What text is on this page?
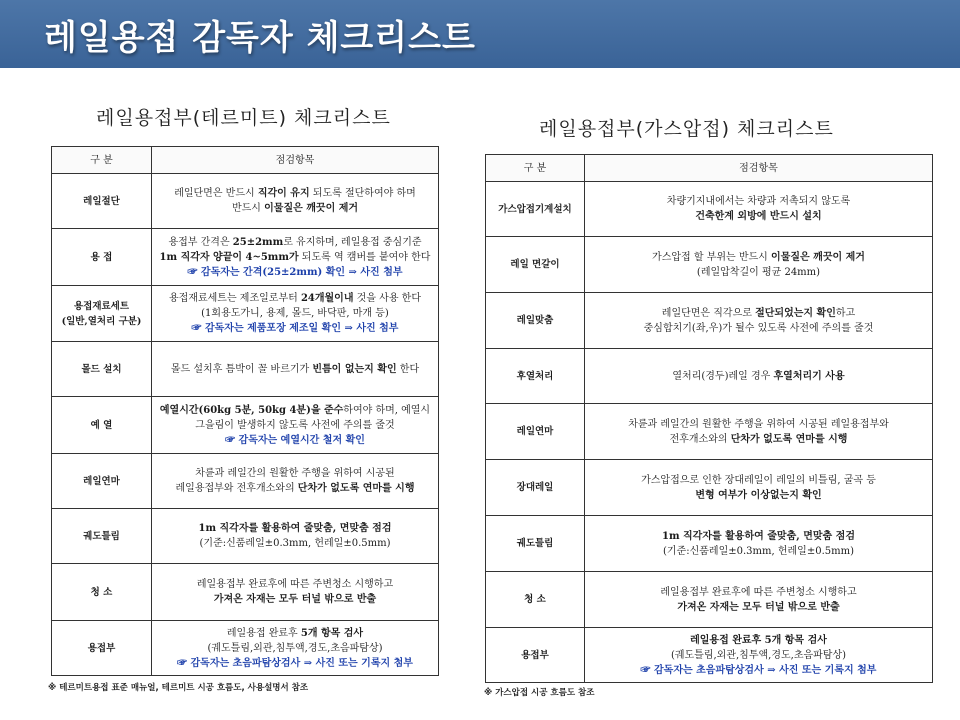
레일용접 감독자 체크리스트
레일용접부(테르미트) 체크리스트	레일용접부(가스압접) 체크리스트
구 분	점검항목

레일절단	레일단면은 반드시 직각이 유지 되도록 절단하여야 하며
반드시 이물질은 깨끗이 제거

용 접	용접부 간격은 25±2mm로 유지하며, 레일용접 중심기준
1m 직각자 양끝이 4~5mm가 되도록 역 캠버를 붙여야 한다
☞ 감독자는 간격(25±2mm) 확인 ⇒ 사진 첨부

용접재료세트
(일반,열처리 구분)	용접재료세트는 제조일로부터 24개월이내 것을 사용 한다
(1회용도가니, 용제, 몰드, 바닥판, 마개 등)
☞ 감독자는 제품포장 제조일 확인 ⇒ 사진 첨부

몰드 설치	몰드 설치후 틈박이 꼴 바르기가 빈틈이 없는지 확인 한다

예 열	예열시간(60kg 5분, 50kg 4분)을 준수하여야 하며, 예열시
그을림이 발생하지 않도록 사전에 주의를 줄것
☞ 감독자는 예열시간 철저 확인

레일연마	차륜과 레일간의 원활한 주행을 위하여 시공된
레일용접부와 전후개소와의 단차가 없도록 연마를 시행

궤도틀림	1m 직각자를 활용하여 줄맞춤, 면맞춤 점검
(기준:신품레일±0.3mm, 헌레일±0.5mm)

청 소	레일용접부 완료후에 따른 주변청소 시행하고
가져온 자재는 모두 터널 밖으로 반출

용접부	레일용접 완료후 5개 항목 검사
(궤도틀림,외관,침투액,경도,초음파탐상)
☞ 감독자는 초음파탐상검사 ⇒ 사진 또는 기록지 첨부
구 분	점검항목

가스압접기계설치	차량기지내에서는 차량과 저촉되지 않도록
건축한계 외방에 반드시 설치

레일 면갈이	가스압접 할 부위는 반드시 이물질은 깨끗이 제거
(레일압착길이 평균 24mm)

레일맞춤	레일단면은 직각으로 절단되었는지 확인하고
중심합치기(좌,우)가 될수 있도록 사전에 주의를 줄것

후열처리	열처리(경두)레일 경우 후열처리기 사용

레일연마	차륜과 레일간의 원활한 주행을 위하여 시공된 레일용접부와
전후개소와의 단차가 없도록 연마를 시행

장대레일	가스압접으로 인한 장대레일이 레일의 비틀림, 굴곡 등
변형 여부가 이상없는지 확인

궤도틀림	1m 직각자를 활용하여 줄맞춤, 면맞춤 점검
(기준:신품레일±0.3mm, 헌레일±0.5mm)

청 소	레일용접부 완료후에 따른 주변청소 시행하고
가져온 자재는 모두 터널 밖으로 반출

용접부	레일용접 완료후 5개 항목 검사
(궤도틀림,외관,침투액,경도,초음파탐상)
☞ 감독자는 초음파탐상검사 ⇒ 사진 또는 기록지 첨부
※ 테르미트용접 표준 매뉴얼, 테르미트 시공 흐름도, 사용설명서 참조	※ 가스압접 시공 흐름도 참조
